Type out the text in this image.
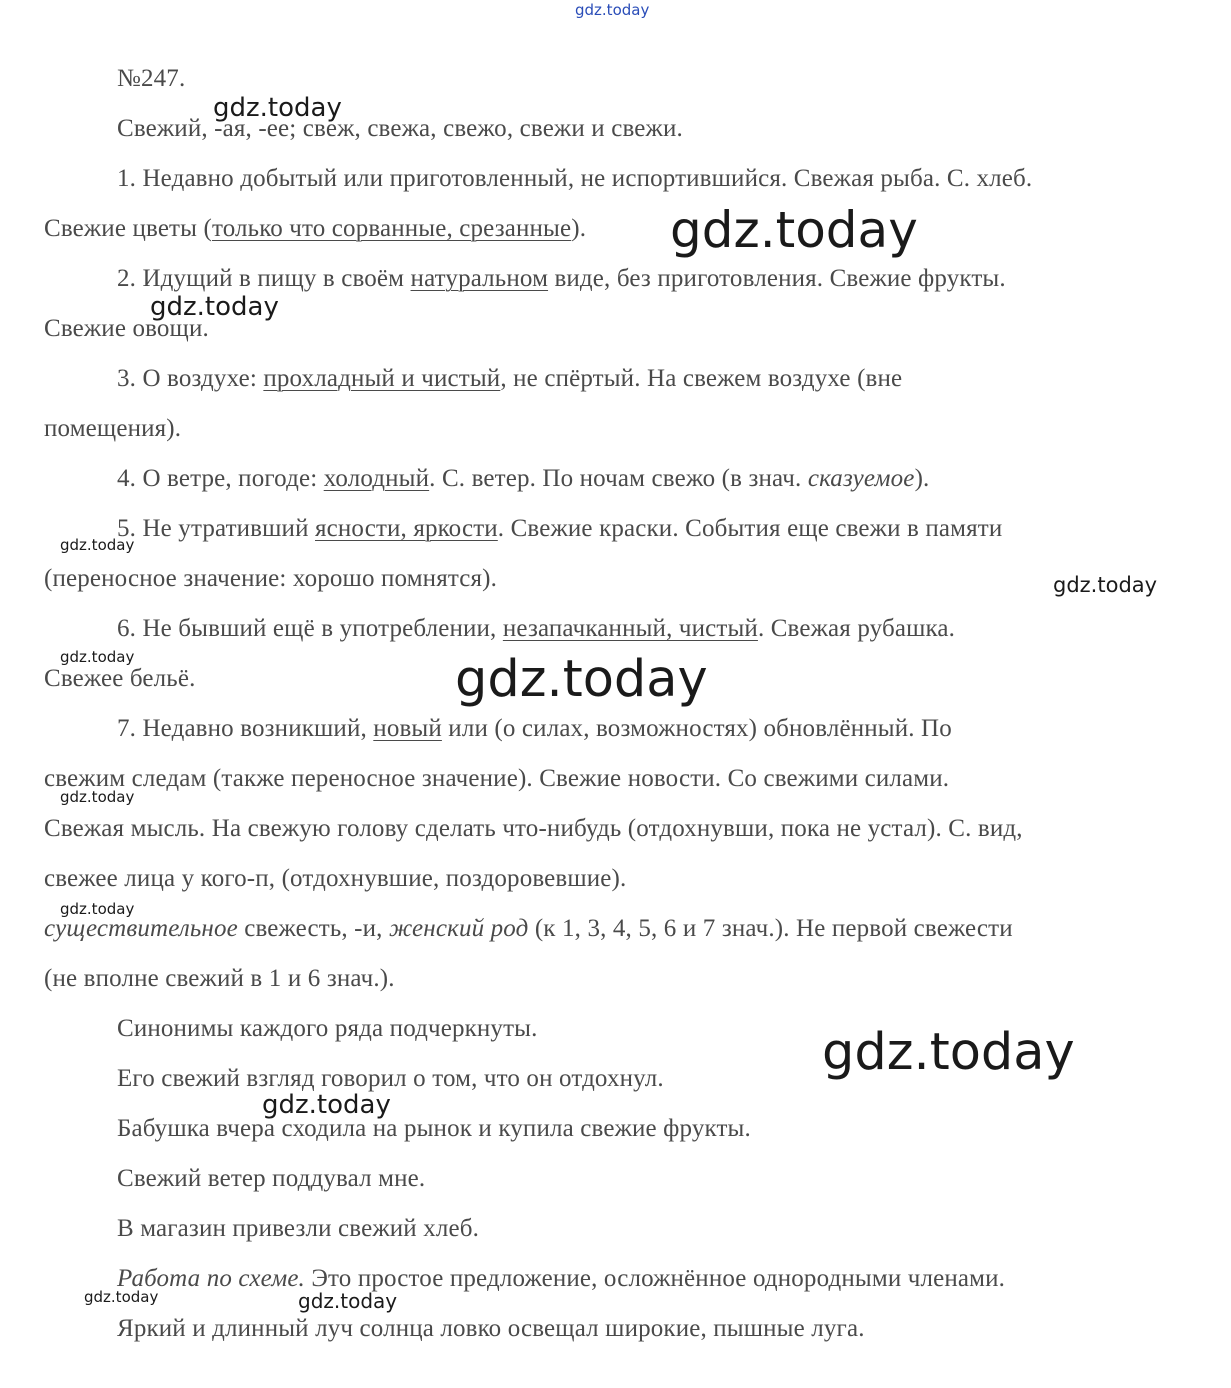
№247.
Свежий, -ая, -ее; свеж, свежа, свежо, свежи и свежи.
1. Недавно добытый или приготовленный, не испортившийся. Свежая рыба. С. хлеб.
Свежие цветы (только что сорванные, срезанные).
2. Идущий в пищу в своём натуральном виде, без приготовления. Свежие фрукты.
Свежие овощи.
3. О воздухе: прохладный и чистый, не спёртый. На свежем воздухе (вне
помещения).
4. О ветре, погоде: холодный. С. ветер. По ночам свежо (в знач. сказуемое).
5. Не утративший ясности, яркости. Свежие краски. События еще свежи в памяти
(переносное значение: хорошо помнятся).
6. Не бывший ещё в употреблении, незапачканный, чистый. Свежая рубашка.
Свежее бельё.
7. Недавно возникший, новый или (о силах, возможностях) обновлённый. По
свежим следам (также переносное значение). Свежие новости. Со свежими силами.
Свежая мысль. На свежую голову сделать что-нибудь (отдохнувши, пока не устал). С. вид,
свежее лица у кого-п, (отдохнувшие, поздоровевшие).
существительное свежесть, -и, женский род (к 1, 3, 4, 5, 6 и 7 знач.). Не первой свежести
(не вполне свежий в 1 и 6 знач.).
Синонимы каждого ряда подчеркнуты.
Его свежий взгляд говорил о том, что он отдохнул.
Бабушка вчера сходила на рынок и купила свежие фрукты.
Свежий ветер поддувал мне.
В магазин привезли свежий хлеб.
Работа по схеме. Это простое предложение, осложнённое однородными членами.
Яркий и длинный луч солнца ловко освещал широкие, пышные луга.
gdz.today
gdz.today
gdz.today
gdz.today
gdz.today
gdz.today
gdz.today	gdz.today
gdz.today
gdz.today
gdz.today
gdz.today
gdz.today	gdz.today
